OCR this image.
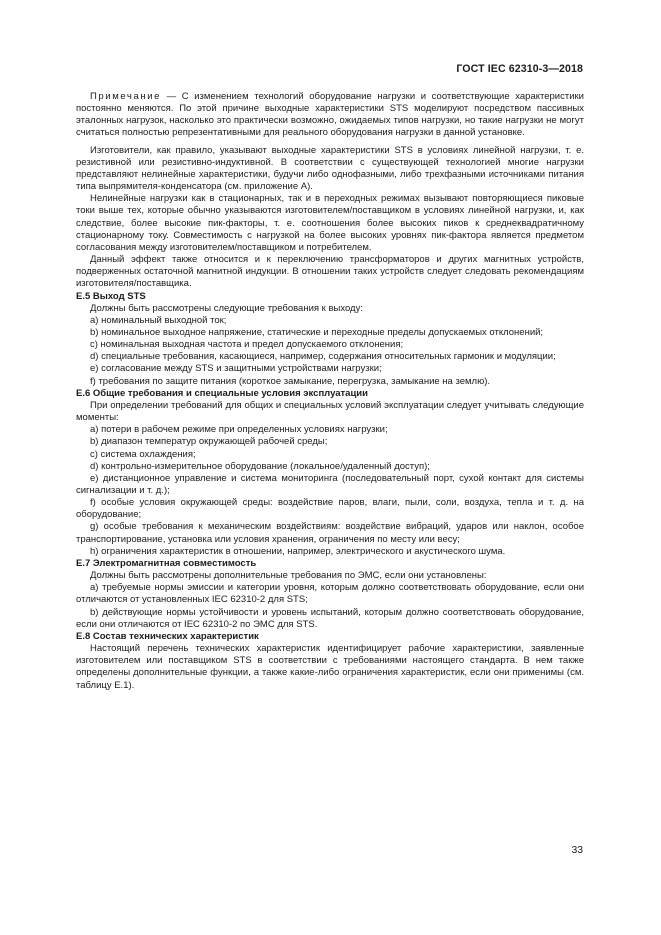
ГОСТ IEC 62310-3—2018

Примечание — С изменением технологий оборудование нагрузки и соответствующие характеристики постоянно меняются. По этой причине выходные характеристики STS моделируют посредством пассивных эталонных нагрузок, насколько это практически возможно, ожидаемых типов нагрузки, но такие нагрузки не могут считаться полностью репрезентативными для реального оборудования нагрузки в данной установке.

Изготовители, как правило, указывают выходные характеристики STS в условиях линейной нагрузки, т. е. резистивной или резистивно-индуктивной. В соответствии с существующей технологией многие нагрузки представляют нелинейные характеристики, будучи либо однофазными, либо трехфазными источниками питания типа выпрямителя-конденсатора (см. приложение А).

Нелинейные нагрузки как в стационарных, так и в переходных режимах вызывают повторяющиеся пиковые токи выше тех, которые обычно указываются изготовителем/поставщиком в условиях линейной нагрузки, и, как следствие, более высокие пик-факторы, т. е. соотношения более высоких пиков к среднеквадратичному стационарному току. Совместимость с нагрузкой на более высоких уровнях пик-фактора является предметом согласования между изготовителем/поставщиком и потребителем.

Данный эффект также относится и к переключению трансформаторов и других магнитных устройств, подверженных остаточной магнитной индукции. В отношении таких устройств следует следовать рекомендациям изготовителя/поставщика.

Е.5 Выход STS

Должны быть рассмотрены следующие требования к выходу:

а) номинальный выходной ток;

b) номинальное выходное напряжение, статические и переходные пределы допускаемых отклонений;

с) номинальная выходная частота и предел допускаемого отклонения;

d) специальные требования, касающиеся, например, содержания относительных гармоник и модуляции;

е) согласование между STS и защитными устройствами нагрузки;

f) требования по защите питания (короткое замыкание, перегрузка, замыкание на землю).

Е.6 Общие требования и специальные условия эксплуатации

При определении требований для общих и специальных условий эксплуатации следует учитывать следующие моменты:

а) потери в рабочем режиме при определенных условиях нагрузки;

b) диапазон температур окружающей рабочей среды;

с) система охлаждения;

d) контрольно-измерительное оборудование (локальное/удаленный доступ);

е) дистанционное управление и система мониторинга (последовательный порт, сухой контакт для системы сигнализации и т. д.);

f) особые условия окружающей среды: воздействие паров, влаги, пыли, соли, воздуха, тепла и т. д. на оборудование;

g) особые требования к механическим воздействиям: воздействие вибраций, ударов или наклон, особое транспортирование, установка или условия хранения, ограничения по месту или весу;

h) ограничения характеристик в отношении, например, электрического и акустического шума.

Е.7 Электромагнитная совместимость

Должны быть рассмотрены дополнительные требования по ЭМС, если они установлены:

а) требуемые нормы эмиссии и категории уровня, которым должно соответствовать оборудование, если они отличаются от установленных IEC 62310-2 для STS;

b) действующие нормы устойчивости и уровень испытаний, которым должно соответствовать оборудование, если они отличаются от IEC 62310-2 по ЭМС для STS.

Е.8 Состав технических характеристик

Настоящий перечень технических характеристик идентифицирует рабочие характеристики, заявленные изготовителем или поставщиком STS в соответствии с требованиями настоящего стандарта. В нем также определены дополнительные функции, а также какие-либо ограничения характеристик, если они применимы (см. таблицу Е.1).

33
